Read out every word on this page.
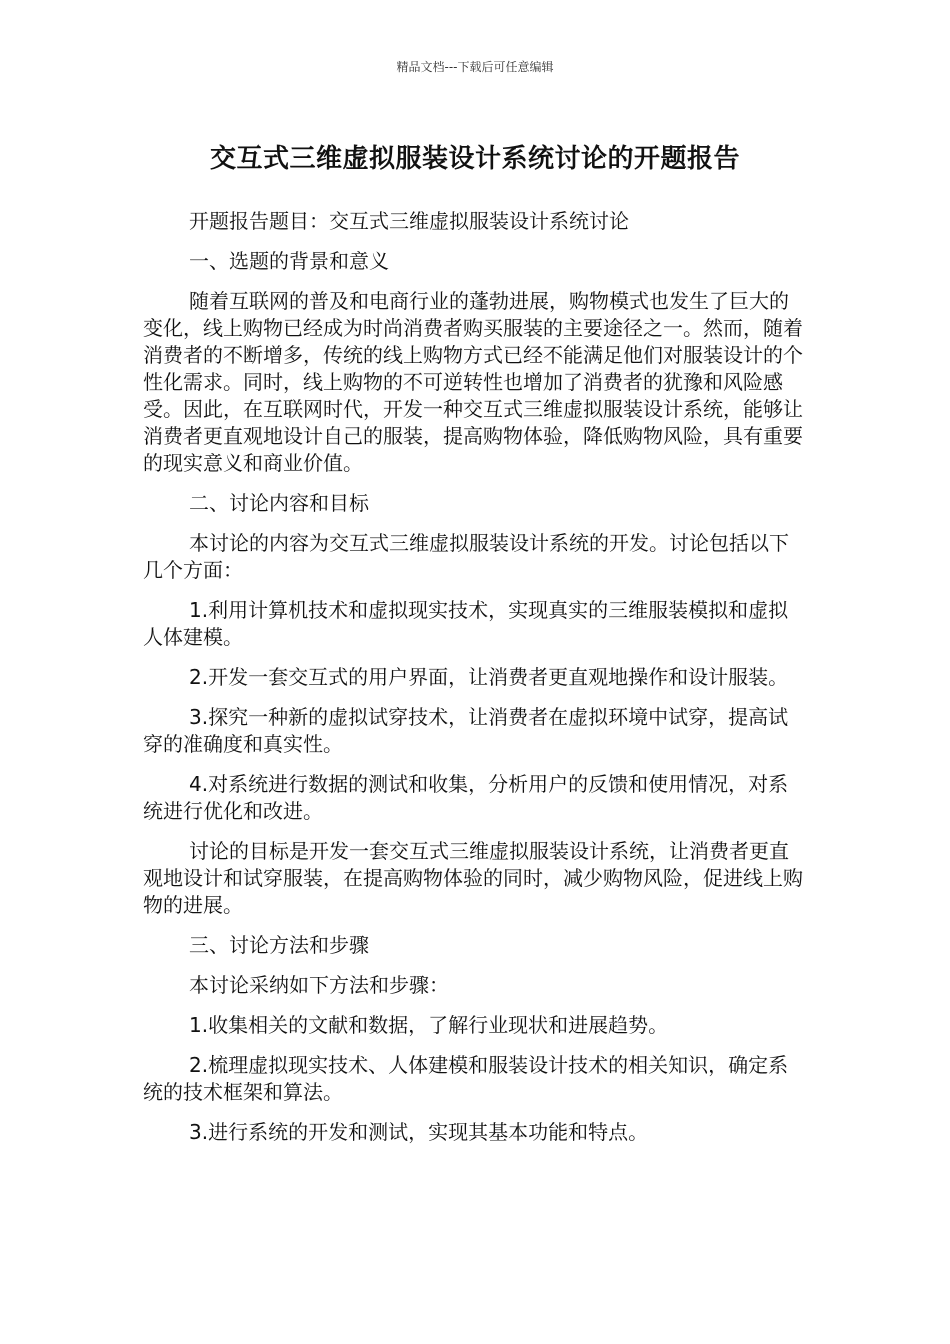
精品文档---下载后可任意编辑
交互式三维虚拟服装设计系统讨论的开题报告

开题报告题目：交互式三维虚拟服装设计系统讨论

一、选题的背景和意义

随着互联网的普及和电商行业的蓬勃进展，购物模式也发生了巨大的变化，线上购物已经成为时尚消费者购买服装的主要途径之一。然而，随着消费者的不断增多，传统的线上购物方式已经不能满足他们对服装设计的个性化需求。同时，线上购物的不可逆转性也增加了消费者的犹豫和风险感受。因此，在互联网时代，开发一种交互式三维虚拟服装设计系统，能够让消费者更直观地设计自己的服装，提高购物体验，降低购物风险，具有重要的现实意义和商业价值。

二、讨论内容和目标

本讨论的内容为交互式三维虚拟服装设计系统的开发。讨论包括以下几个方面：

1.利用计算机技术和虚拟现实技术，实现真实的三维服装模拟和虚拟人体建模。

2.开发一套交互式的用户界面，让消费者更直观地操作和设计服装。

3.探究一种新的虚拟试穿技术，让消费者在虚拟环境中试穿，提高试穿的准确度和真实性。

4.对系统进行数据的测试和收集，分析用户的反馈和使用情况，对系统进行优化和改进。

讨论的目标是开发一套交互式三维虚拟服装设计系统，让消费者更直观地设计和试穿服装，在提高购物体验的同时，减少购物风险，促进线上购物的进展。

三、讨论方法和步骤

本讨论采纳如下方法和步骤：

1.收集相关的文献和数据，了解行业现状和进展趋势。

2.梳理虚拟现实技术、人体建模和服装设计技术的相关知识，确定系统的技术框架和算法。

3.进行系统的开发和测试，实现其基本功能和特点。
